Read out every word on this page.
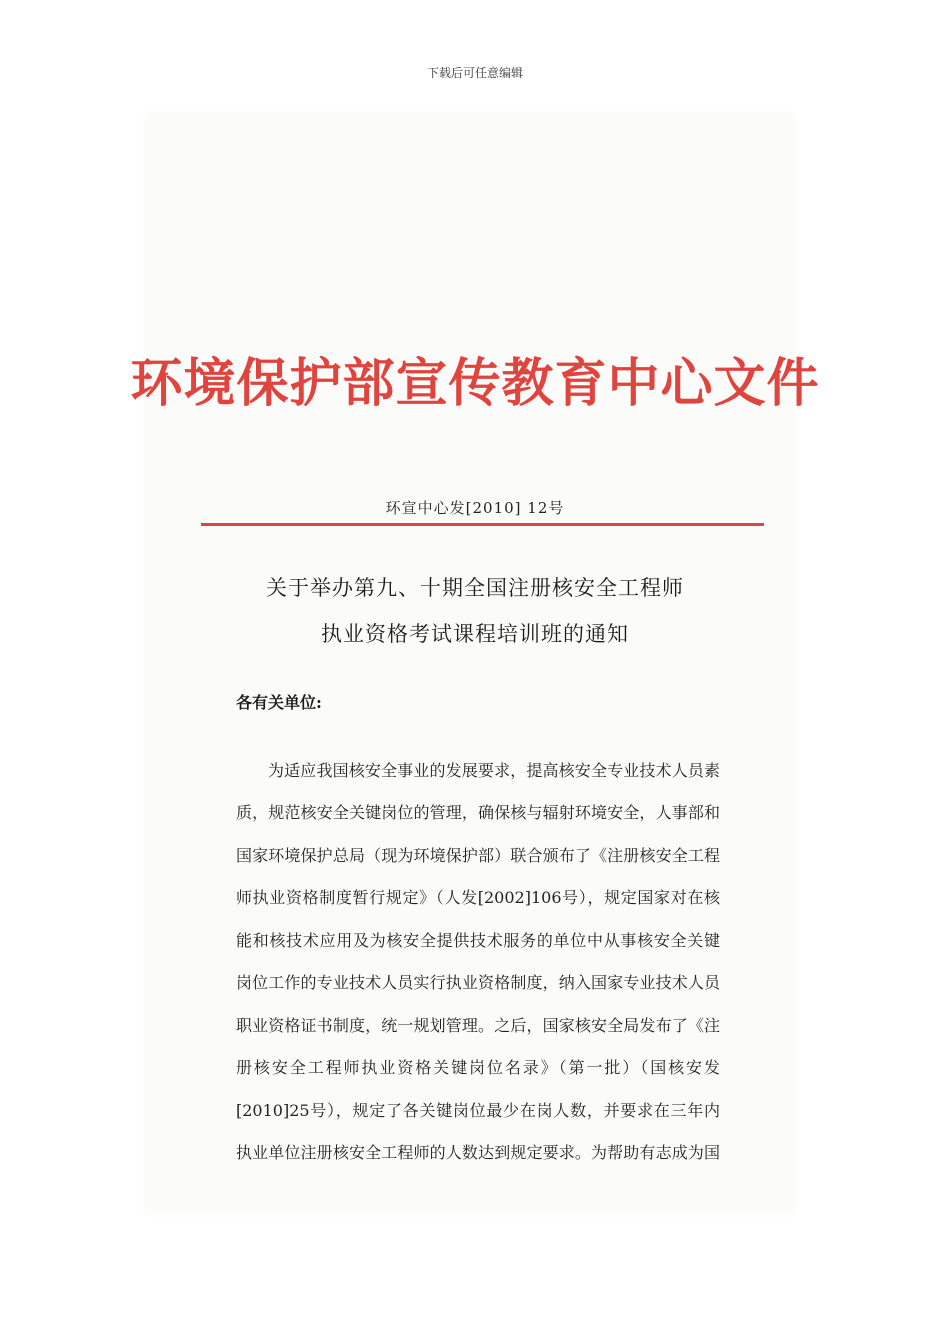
下载后可任意编辑
环境保护部宣传教育中心文件
环宣中心发[2010] 12号
关于举办第九、十期全国注册核安全工程师
执业资格考试课程培训班的通知
各有关单位:
为适应我国核安全事业的发展要求，提高核安全专业技术人员素
质，规范核安全关键岗位的管理，确保核与辐射环境安全，人事部和
国家环境保护总局（现为环境保护部）联合颁布了《注册核安全工程
师执业资格制度暂行规定》（人发[2002]106号），规定国家对在核
能和核技术应用及为核安全提供技术服务的单位中从事核安全关键
岗位工作的专业技术人员实行执业资格制度，纳入国家专业技术人员
职业资格证书制度，统一规划管理。之后，国家核安全局发布了《注
册核安全工程师执业资格关键岗位名录》（第一批）（国核安发
[2010]25号），规定了各关键岗位最少在岗人数，并要求在三年内
执业单位注册核安全工程师的人数达到规定要求。为帮助有志成为国
